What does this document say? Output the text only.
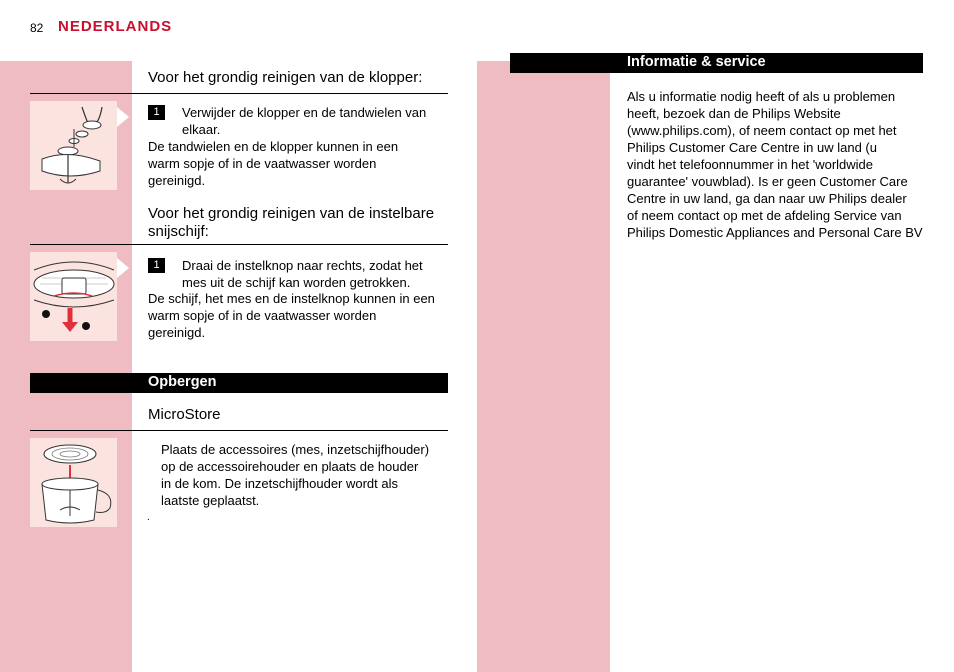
82 NEDERLANDS
Voor het grondig reinigen van de klopper:
1	Verwijder de klopper en de tandwielen van
elkaar.
De tandwielen en de klopper kunnen in een
warm sopje of in de vaatwasser worden
gereinigd.
Voor het grondig reinigen van de instelbare
snijschijf:
1	Draai de instelknop naar rechts, zodat het
mes uit de schijf kan worden getrokken.
De schijf, het mes en de instelknop kunnen in een
warm sopje of in de vaatwasser worden
gereinigd.
Opbergen
MicroStore
Plaats de accessoires (mes, inzetschijfhouder)
op de accessoirehouder en plaats de houder
in de kom. De inzetschijfhouder wordt als
laatste geplaatst.
.
Informatie & service
Als u informatie nodig heeft of als u problemen
heeft, bezoek dan de Philips Website
(www.philips.com), of neem contact op met het
Philips Customer Care Centre in uw land (u
vindt het telefoonnummer in het 'worldwide
guarantee' vouwblad). Is er geen Customer Care
Centre in uw land, ga dan naar uw Philips dealer
of neem contact op met de afdeling Service van
Philips Domestic Appliances and Personal Care BV
